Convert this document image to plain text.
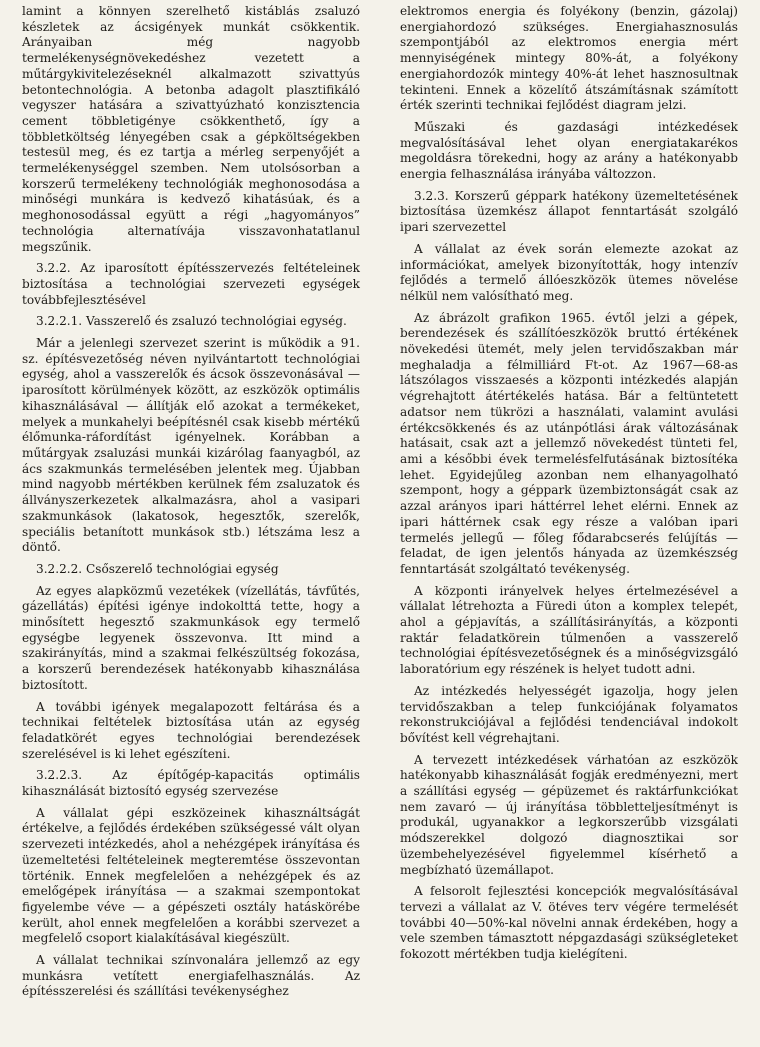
lamint a könnyen szerelhető kistáblás zsaluzó készletek az ácsigények munkát csökkentik. Arányaiban még nagyobb termelékenységnövekedéshez vezetett a műtárgykivitelezéseknél alkalmazott szivattyús betontechnológia. A betonba adagolt plasztifikáló vegyszer hatására a szivattyúzható konzisztencia cement többletigénye csökkenthető, így a többletköltség lényegében csak a gépköltségekben testesül meg, és ez tartja a mérleg serpenyőjét a termelékenységgel szemben. Nem utolsósorban a korszerű termelékeny technológiák meghonosodása a minőségi munkára is kedvező kihatásúak, és a meghonosodással együtt a régi „hagyományos” technológia alternatívája visszavonhatatlanul megszűnik.

3.2.2. Az iparosított építésszervezés feltételeinek biztosítása a technológiai szervezeti egységek továbbfejlesztésével

3.2.2.1. Vasszerelő és zsaluzó technológiai egység.

Már a jelenlegi szervezet szerint is működik a 91. sz. építésvezetőség néven nyilvántartott technológiai egység, ahol a vasszerelők és ácsok összevonásával — iparosított körülmények között, az eszközök optimális kihasználásával — állítják elő azokat a termékeket, melyek a munkahelyi beépítésnél csak kisebb mértékű élőmunka-ráfordítást igényelnek. Korábban a műtárgyak zsaluzási munkái kizárólag faanyagból, az ács szakmunkás termelésében jelentek meg. Újabban mind nagyobb mértékben kerülnek fém zsaluzatok és állványszerkezetek alkalmazásra, ahol a vasipari szakmunkások (lakatosok, hegesztők, szerelők, speciális betanított munkások stb.) létszáma lesz a döntő.

3.2.2.2. Csőszerelő technológiai egység

Az egyes alapközmű vezetékek (vízellátás, távfűtés, gázellátás) építési igénye indokolttá tette, hogy a minősített hegesztő szakmunkások egy termelő egységbe legyenek összevonva. Itt mind a szakirányítás, mind a szakmai felkészültség fokozása, a korszerű berendezések hatékonyabb kihasználása biztosított.

A további igények megalapozott feltárása és a technikai feltételek biztosítása után az egység feladatkörét egyes technológiai berendezések szerelésével is ki lehet egészíteni.

3.2.2.3. Az építőgép-kapacitás optimális kihasználását biztosító egység szervezése

A vállalat gépi eszközeinek kihasználtságát értékelve, a fejlődés érdekében szükségessé vált olyan szervezeti intézkedés, ahol a nehézgépek irányítása és üzemeltetési feltételeinek megteremtése összevontan történik. Ennek megfelelően a nehézgépek és az emelőgépek irányítása — a szakmai szempontokat figyelembe véve — a gépészeti osztály hatáskörébe került, ahol ennek megfelelően a korábbi szervezet a megfelelő csoport kialakításával kiegészült.

A vállalat technikai színvonalára jellemző az egy munkásra vetített energiafelhasználás. Az építésszerelési és szállítási tevékenységhez

elektromos energia és folyékony (benzin, gázolaj) energiahordozó szükséges. Energiahasznosulás szempontjából az elektromos energia mért mennyiségének mintegy 80%-át, a folyékony energiahordozók mintegy 40%-át lehet hasznosultnak tekinteni. Ennek a közelítő átszámításnak számított érték szerinti technikai fejlődést diagram jelzi.

Műszaki és gazdasági intézkedések megvalósításával lehet olyan energiatakarékos megoldásra törekedni, hogy az arány a hatékonyabb energia felhasználása irányába változzon.

3.2.3. Korszerű géppark hatékony üzemeltetésének biztosítása üzemkész állapot fenntartását szolgáló ipari szervezettel

A vállalat az évek során elemezte azokat az információkat, amelyek bizonyították, hogy intenzív fejlődés a termelő állóeszközök ütemes növelése nélkül nem valósítható meg.

Az ábrázolt grafikon 1965. évtől jelzi a gépek, berendezések és szállítóeszközök bruttó értékének növekedési ütemét, mely jelen tervidőszakban már meghaladja a félmilliárd Ft-ot. Az 1967—68-as látszólagos visszaesés a központi intézkedés alapján végrehajtott átértékelés hatása. Bár a feltüntetett adatsor nem tükrözi a használati, valamint avulási értékcsökkenés és az utánpótlási árak változásának hatásait, csak azt a jellemző növekedést tünteti fel, ami a későbbi évek termelésfelfutásának biztosítéka lehet. Egyidejűleg azonban nem elhanyagolható szempont, hogy a géppark üzembiztonságát csak az azzal arányos ipari háttérrel lehet elérni. Ennek az ipari háttérnek csak egy része a valóban ipari termelés jellegű — főleg fődarabcserés felújítás — feladat, de igen jelentős hányada az üzemkészség fenntartását szolgáltató tevékenység.

A központi irányelvek helyes értelmezésével a vállalat létrehozta a Füredi úton a komplex telepét, ahol a gépjavítás, a szállításirányítás, a központi raktár feladatkörein túlmenően a vasszerelő technológiai építésvezetőségnek és a minőségvizsgáló laboratórium egy részének is helyet tudott adni.

Az intézkedés helyességét igazolja, hogy jelen tervidőszakban a telep funkciójának folyamatos rekonstrukciójával a fejlődési tendenciával indokolt bővítést kell végrehajtani.

A tervezett intézkedések várhatóan az eszközök hatékonyabb kihasználását fogják eredményezni, mert a szállítási egység — gépüzemet és raktárfunkciókat nem zavaró — új irányítása többletteljesítményt is produkál, ugyanakkor a legkorszerűbb vizsgálati módszerekkel dolgozó diagnosztikai sor üzembehelyezésével figyelemmel kísérhető a megbízható üzemállapot.

A felsorolt fejlesztési koncepciók megvalósításával tervezi a vállalat az V. ötéves terv végére termelését további 40—50%-kal növelni annak érdekében, hogy a vele szemben támasztott népgazdasági szükségleteket fokozott mértékben tudja kielégíteni.
